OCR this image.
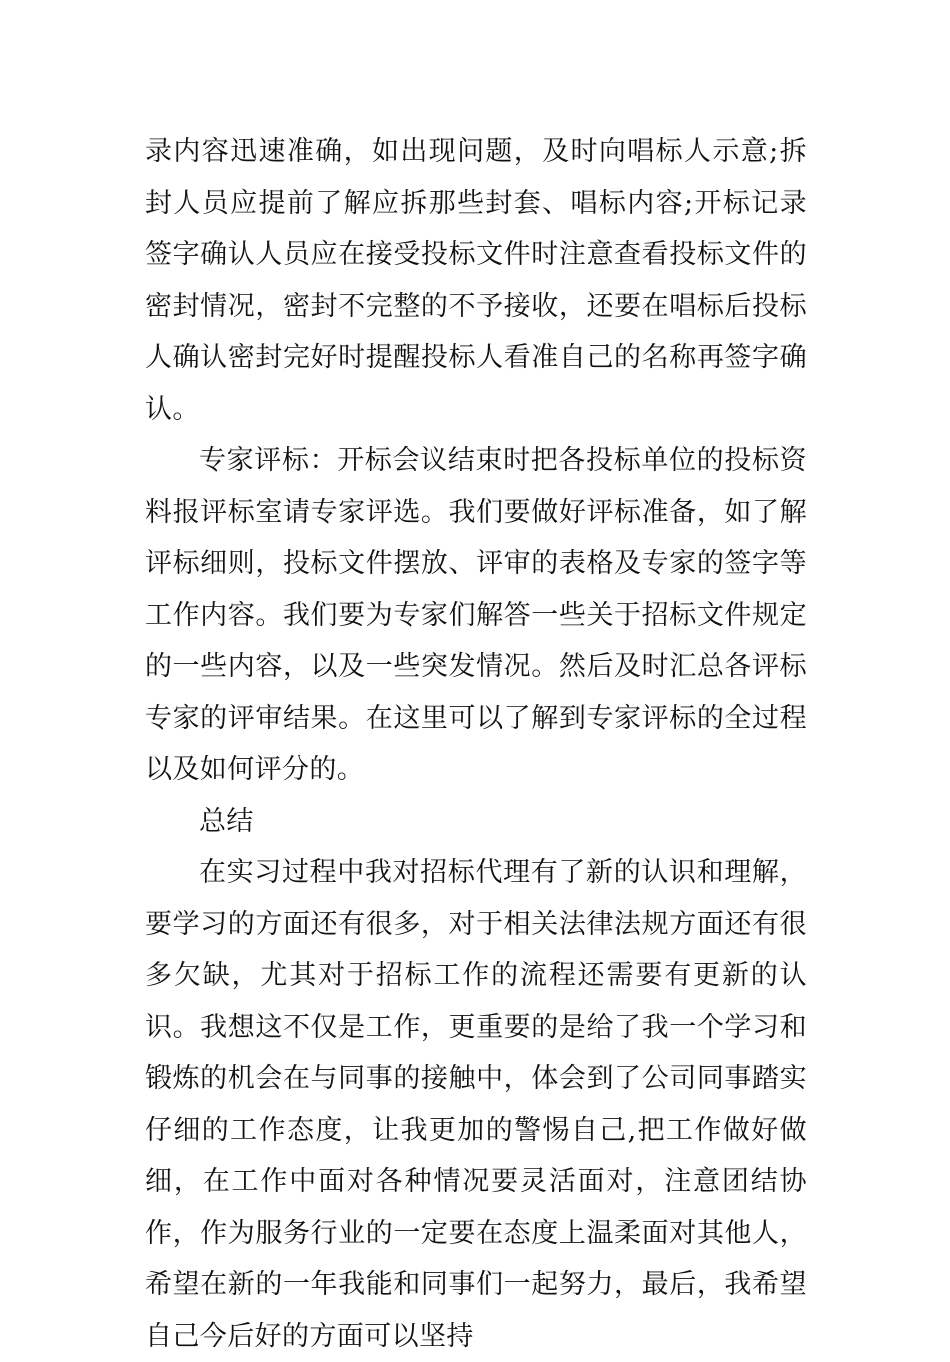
录内容迅速准确，如出现问题，及时向唱标人示意;拆封人员应提前了解应拆那些封套、唱标内容;开标记录签字确认人员应在接受投标文件时注意查看投标文件的密封情况，密封不完整的不予接收，还要在唱标后投标人确认密封完好时提醒投标人看准自己的名称再签字确认。

专家评标：开标会议结束时把各投标单位的投标资料报评标室请专家评选。我们要做好评标准备，如了解评标细则，投标文件摆放、评审的表格及专家的签字等工作内容。我们要为专家们解答一些关于招标文件规定的一些内容，以及一些突发情况。然后及时汇总各评标专家的评审结果。在这里可以了解到专家评标的全过程以及如何评分的。

总结

在实习过程中我对招标代理有了新的认识和理解，要学习的方面还有很多，对于相关法律法规方面还有很多欠缺，尤其对于招标工作的流程还需要有更新的认识。我想这不仅是工作，更重要的是给了我一个学习和锻炼的机会在与同事的接触中，体会到了公司同事踏实仔细的工作态度，让我更加的警惕自己,把工作做好做细，在工作中面对各种情况要灵活面对，注意团结协作，作为服务行业的一定要在态度上温柔面对其他人，希望在新的一年我能和同事们一起努力，最后，我希望自己今后好的方面可以坚持
